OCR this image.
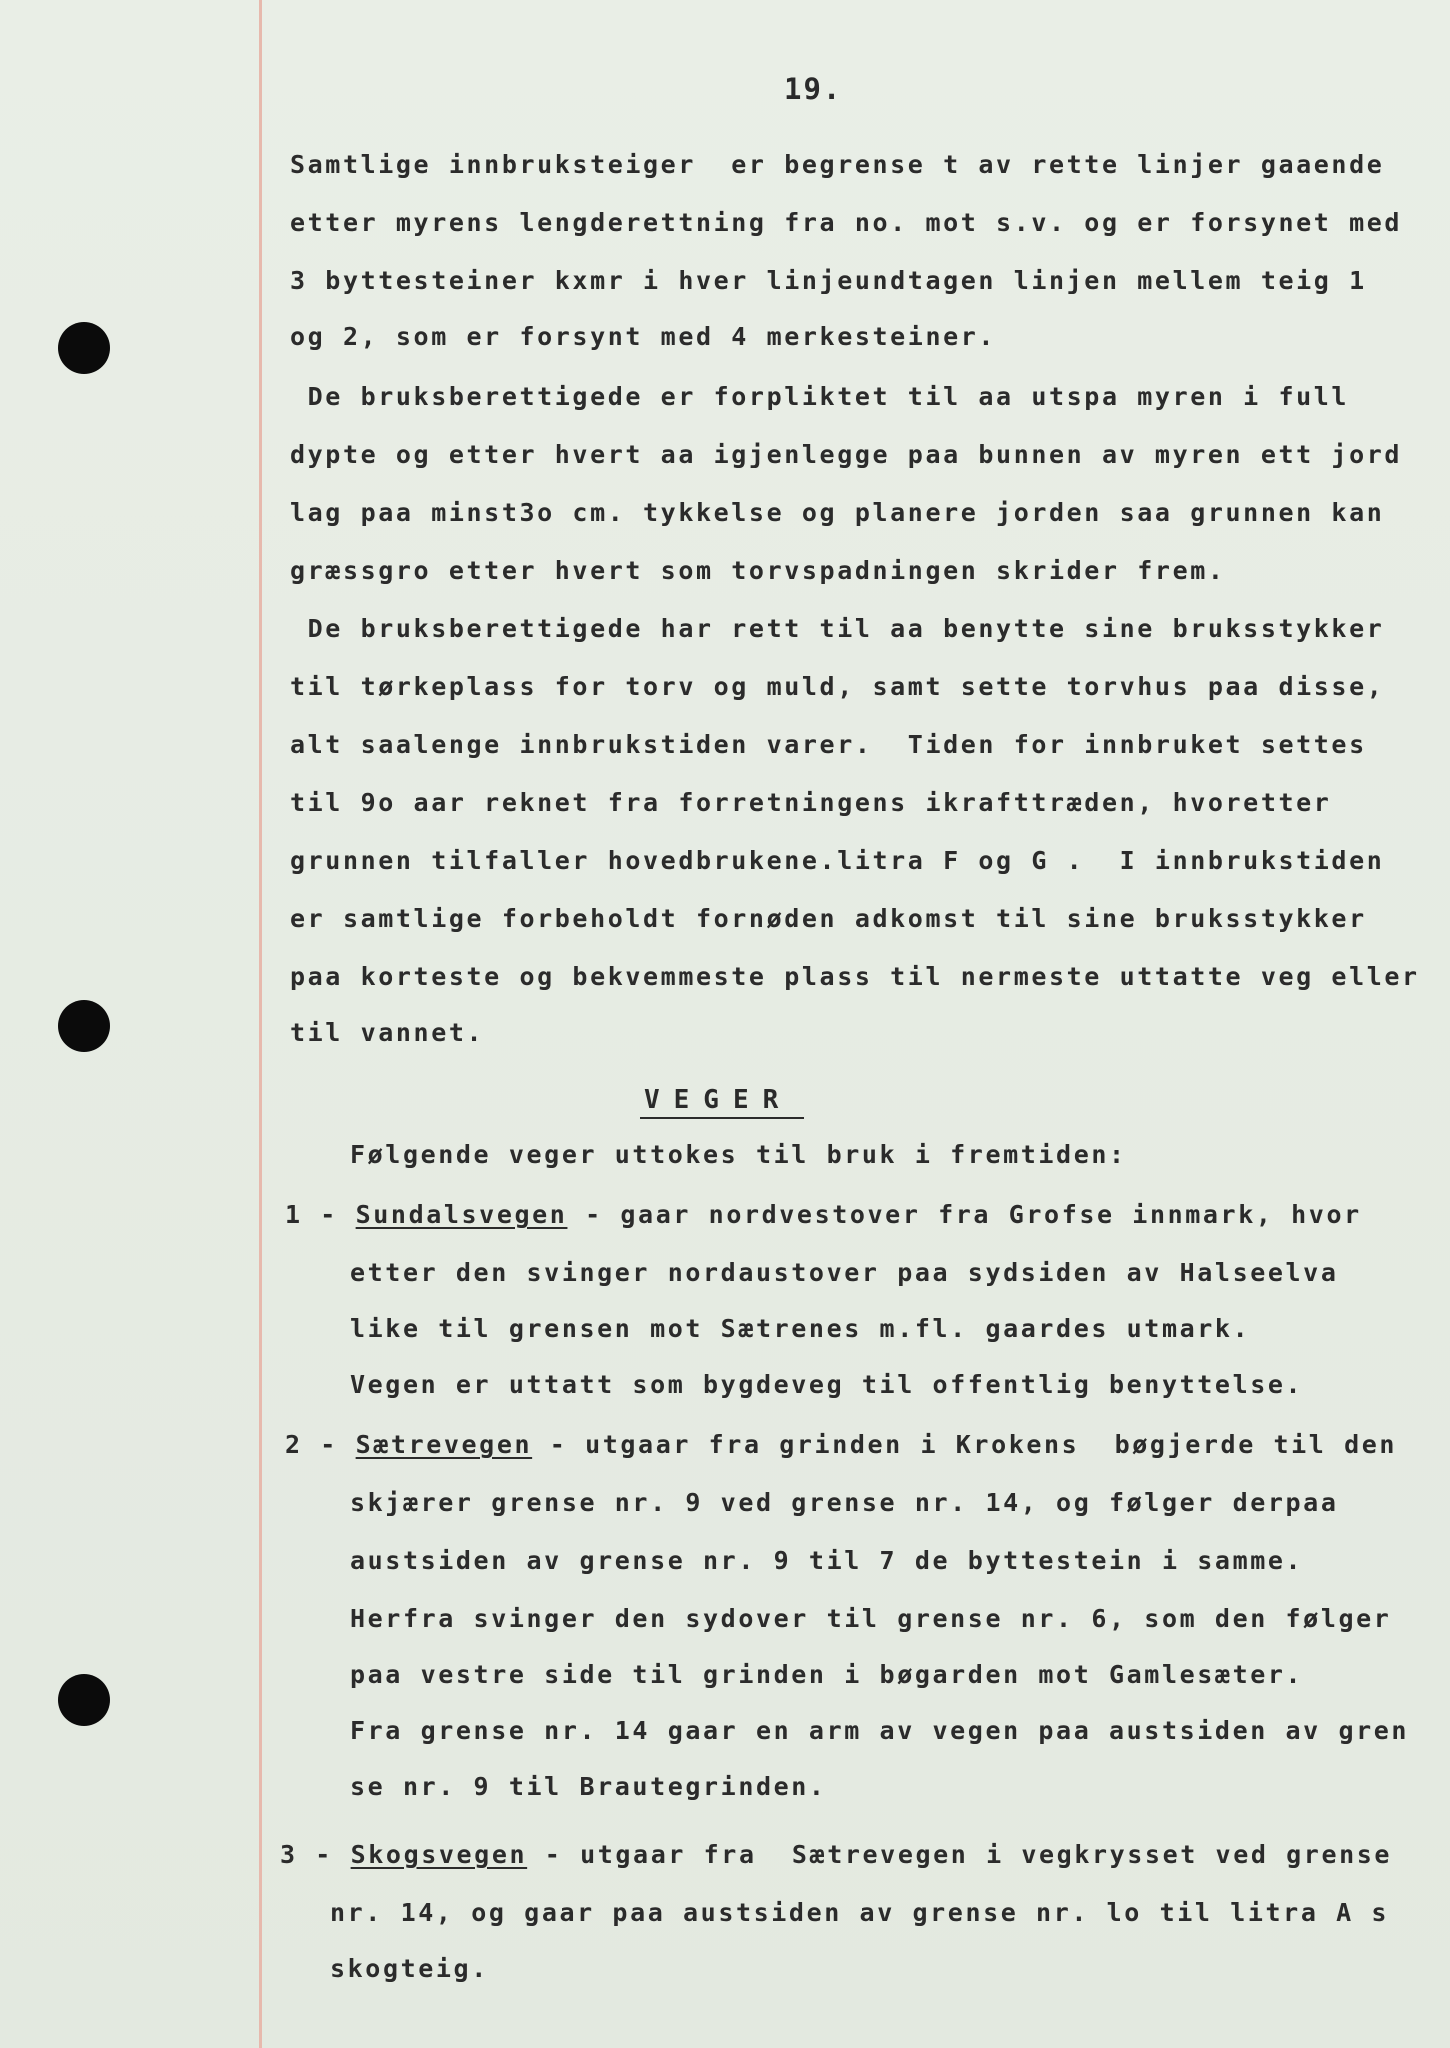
19.
Samtlige innbruksteiger  er begrense t av rette linjer gaaende
etter myrens lengderettning fra no. mot s.v. og er forsynet med
3 byttesteiner kxmr i hver linjeundtagen linjen mellem teig 1
og 2, som er forsynt med 4 merkesteiner.
De bruksberettigede er forpliktet til aa utspa myren i full
dypte og etter hvert aa igjenlegge paa bunnen av myren ett jord
lag paa minst3o cm. tykkelse og planere jorden saa grunnen kan
græssgro etter hvert som torvspadningen skrider frem.
De bruksberettigede har rett til aa benytte sine bruksstykker
til tørkeplass for torv og muld, samt sette torvhus paa disse,
alt saalenge innbrukstiden varer.  Tiden for innbruket settes
til 9o aar reknet fra forretningens ikrafttræden, hvoretter
grunnen tilfaller hovedbrukene.litra F og G .  I innbrukstiden
er samtlige forbeholdt fornøden adkomst til sine bruksstykker
paa korteste og bekvemmeste plass til nermeste uttatte veg eller
til vannet.
VEGER
Følgende veger uttokes til bruk i fremtiden:
1 - Sundalsvegen - gaar nordvestover fra Grofse innmark, hvor
etter den svinger nordaustover paa sydsiden av Halseelva
like til grensen mot Sætrenes m.fl. gaardes utmark.
Vegen er uttatt som bygdeveg til offentlig benyttelse.
2 - Sætrevegen - utgaar fra grinden i Krokens  bøgjerde til den
skjærer grense nr. 9 ved grense nr. 14, og følger derpaa
austsiden av grense nr. 9 til 7 de byttestein i samme.
Herfra svinger den sydover til grense nr. 6, som den følger
paa vestre side til grinden i bøgarden mot Gamlesæter.
Fra grense nr. 14 gaar en arm av vegen paa austsiden av gren
se nr. 9 til Brautegrinden.
3 - Skogsvegen - utgaar fra  Sætrevegen i vegkrysset ved grense
nr. 14, og gaar paa austsiden av grense nr. lo til litra A s
skogteig.
